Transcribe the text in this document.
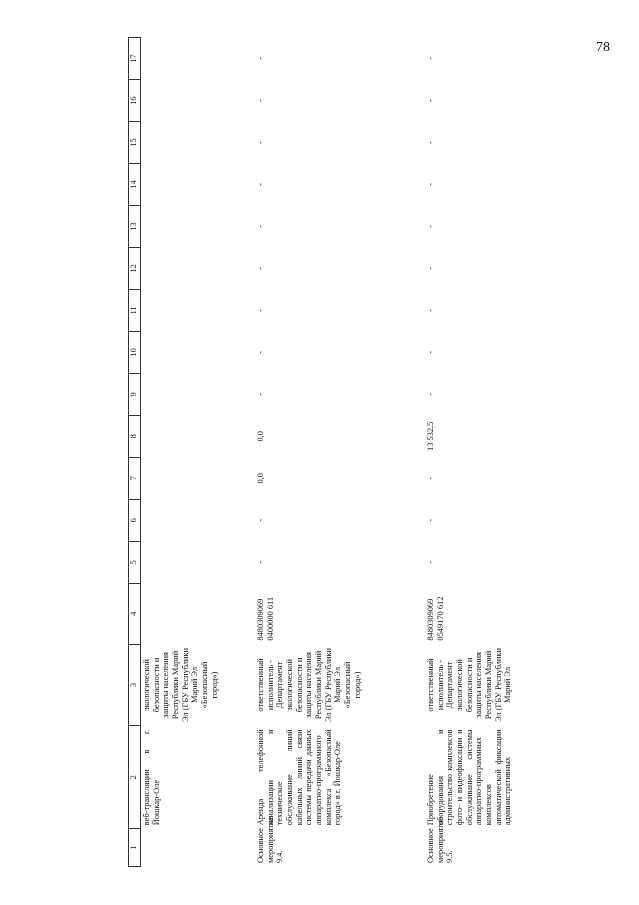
78
1	2	3	4	5	6	7	8	9	10	11	12	13	14	15	16	17
	веб-трансляции в г. Йошкар-Оле	экологической безопасности и защиты населения Республики Марий Эл (ГБУ Республики Марий Эл «Безопасный город»)														
Основное мероприятие 9.4.	Аренда телефонной канализации и техническое обслуживание линий кабельных линий связи системы передачи данных аппаратно-программного комплекса «Безопасный город» в г. Йошкар-Оле	ответственный исполнитель - Департамент экологической безопасности и защиты населения Республики Марий Эл (ГБУ Республики Марий Эл «Безопасный город»)	8480309069 0400000 611	-	-	0,0	0,0	-	-	-	-	-	-	-	-	-
Основное мероприятие 9.5.	Приобретение оборудования и строительство комплексов фото- и видеофиксации и обслуживание системы аппаратно-программных комплексов автоматической фиксации административных	ответственный исполнитель - Департамент экологической безопасности и защиты населения Республики Марий Эл (ГБУ Республики Марий Эл	8480309069 0549170 612	-	-	-	13 532,5	-	-	-	-	-	-	-	-	-
